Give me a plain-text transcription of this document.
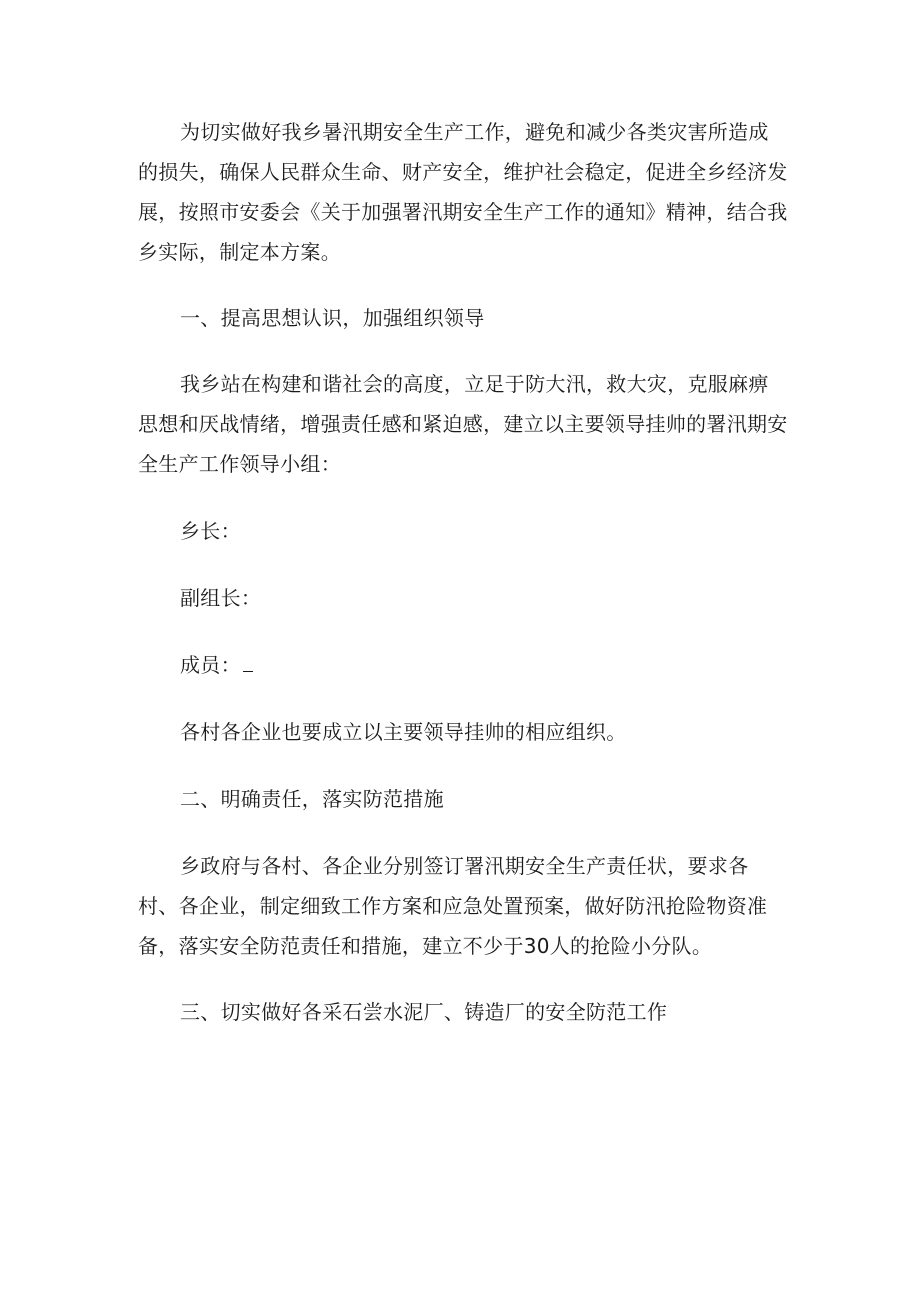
为切实做好我乡暑汛期安全生产工作，避免和减少各类灾害所造成的损失，确保人民群众生命、财产安全，维护社会稳定，促进全乡经济发展，按照市安委会《关于加强署汛期安全生产工作的通知》精神，结合我乡实际，制定本方案。

一、提高思想认识，加强组织领导

我乡站在构建和谐社会的高度，立足于防大汛，救大灾，克服麻痹思想和厌战情绪，增强责任感和紧迫感，建立以主要领导挂帅的署汛期安全生产工作领导小组：

乡长：

副组长：

成员：

各村各企业也要成立以主要领导挂帅的相应组织。

二、明确责任，落实防范措施

乡政府与各村、各企业分别签订署汛期安全生产责任状，要求各村、各企业，制定细致工作方案和应急处置预案，做好防汛抢险物资准备，落实安全防范责任和措施，建立不少于30人的抢险小分队。

三、切实做好各采石尝水泥厂、铸造厂的安全防范工作
